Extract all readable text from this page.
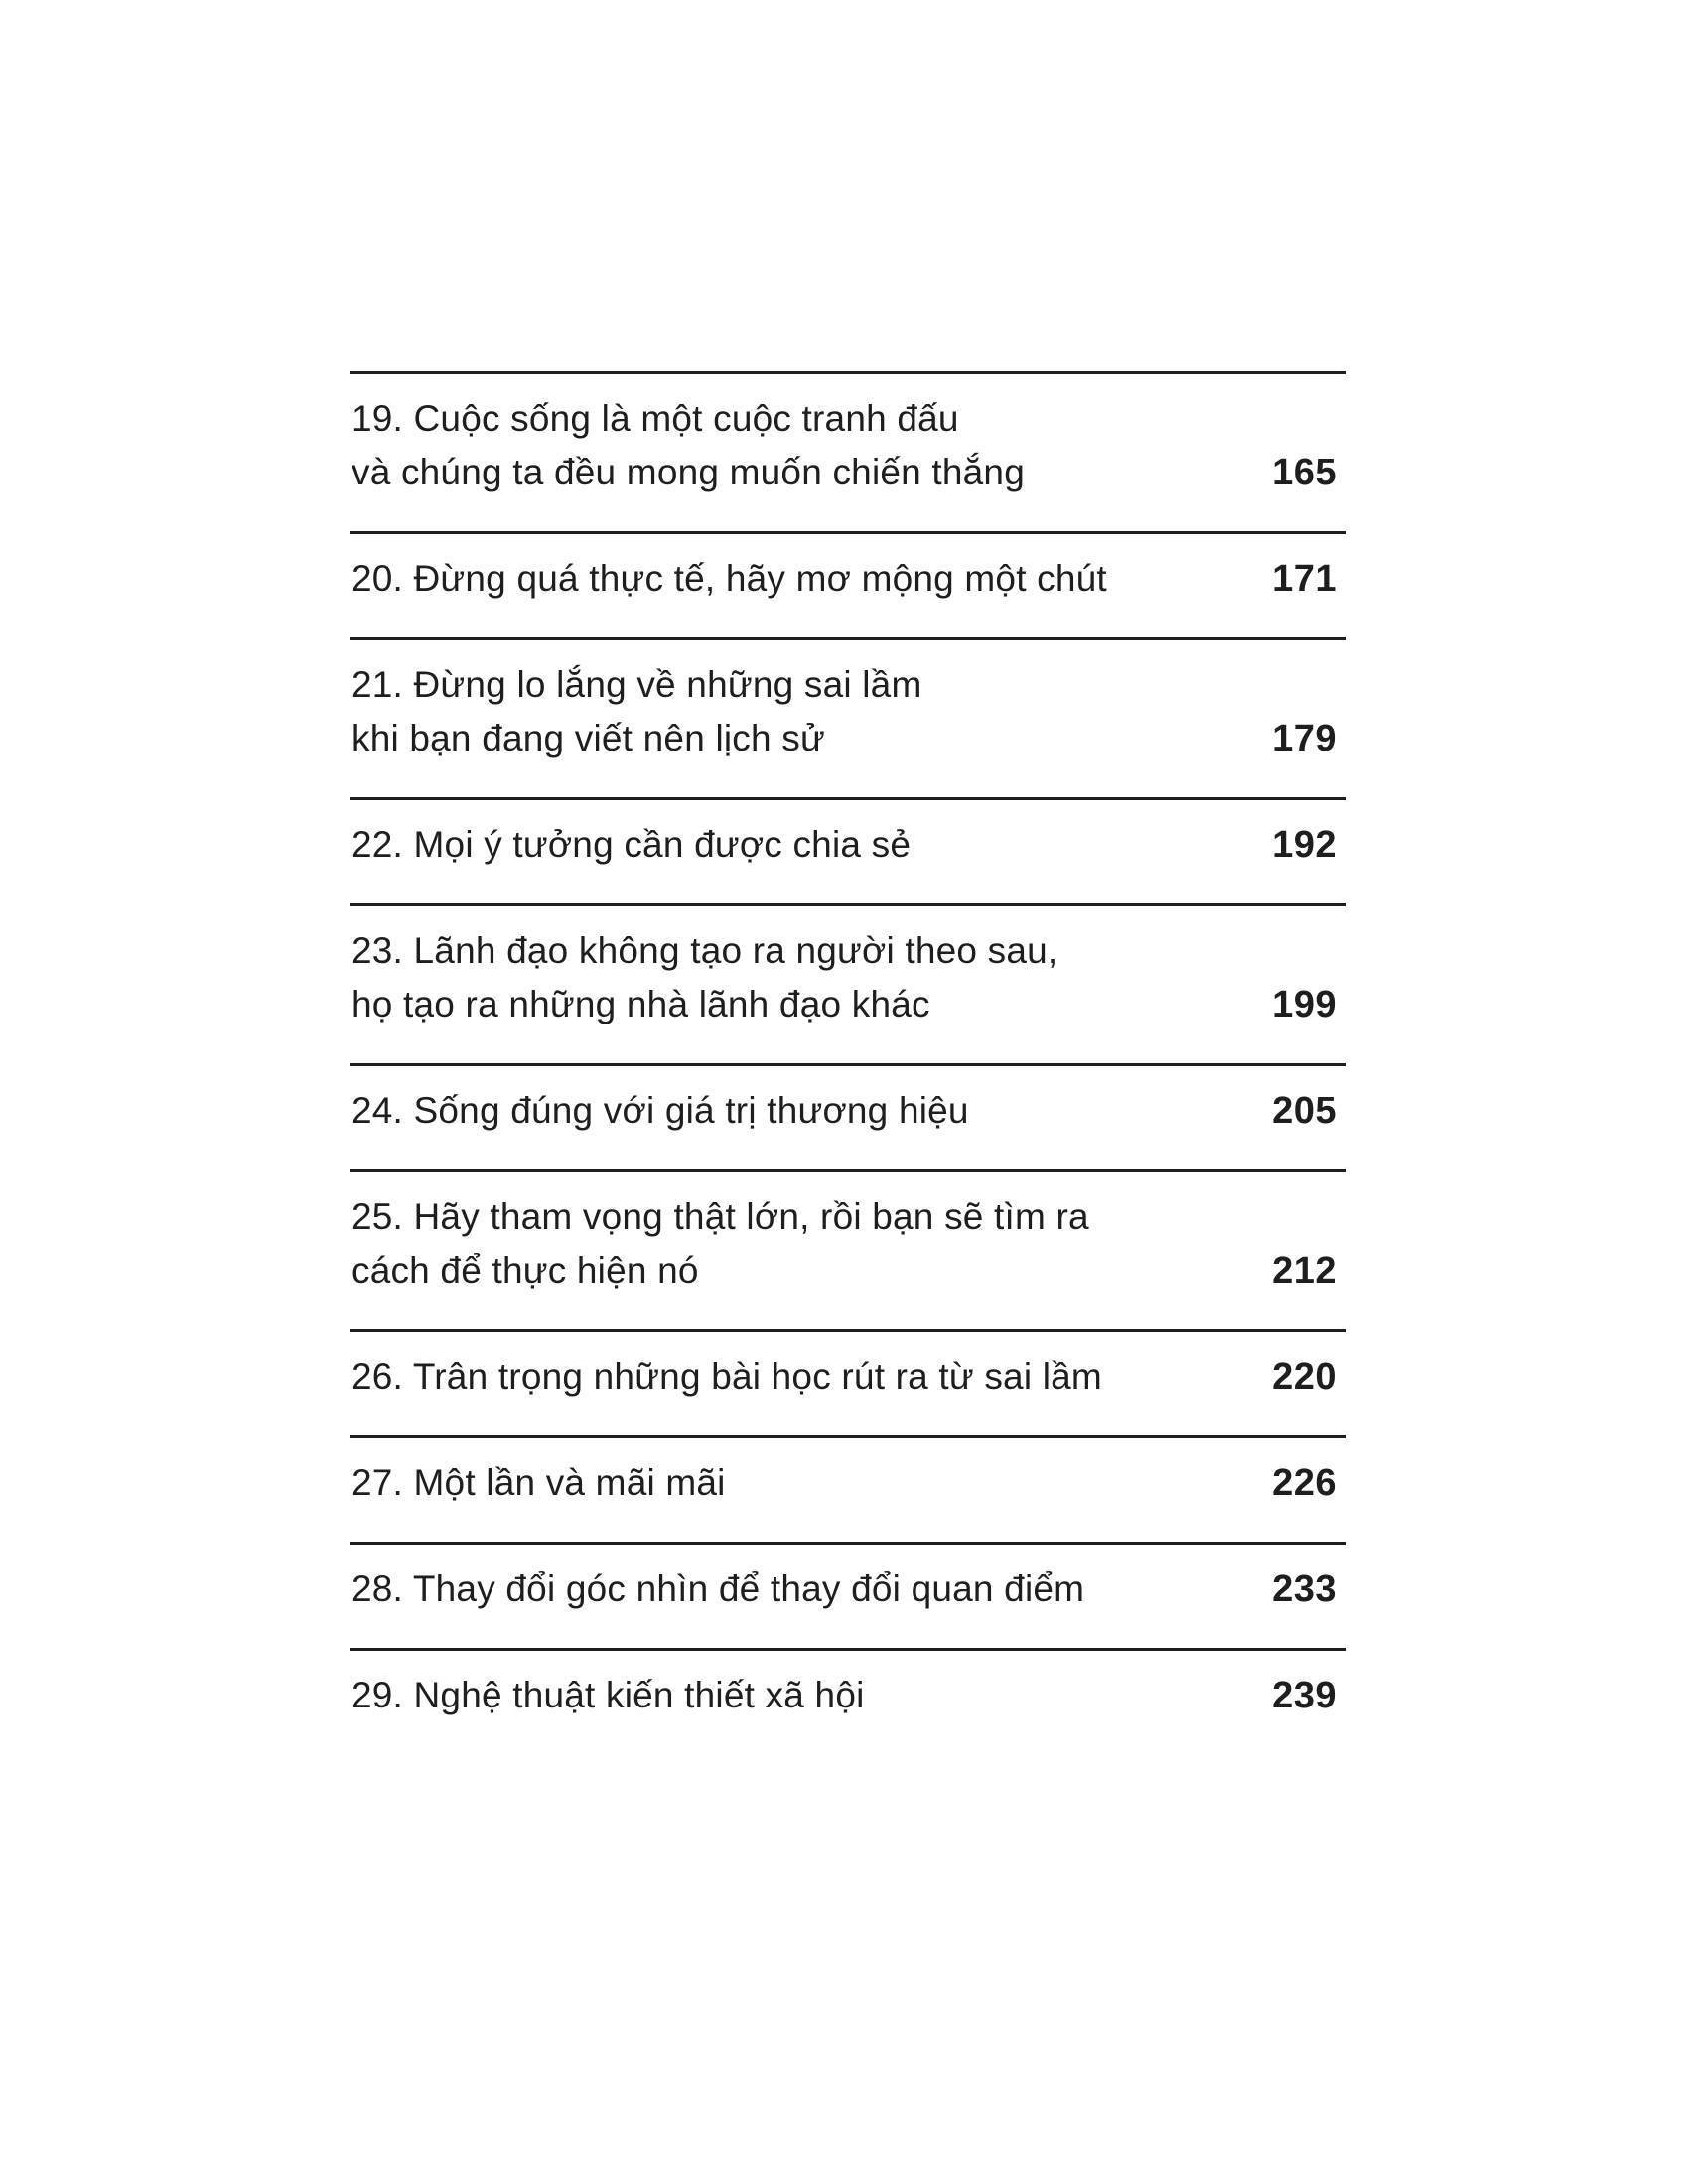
19. Cuộc sống là một cuộc tranh đấu
và chúng ta đều mong muốn chiến thắng	165
20. Đừng quá thực tế, hãy mơ mộng một chút	171
21. Đừng lo lắng về những sai lầm
khi bạn đang viết nên lịch sử	179
22. Mọi ý tưởng cần được chia sẻ	192
23. Lãnh đạo không tạo ra người theo sau,
họ tạo ra những nhà lãnh đạo khác	199
24. Sống đúng với giá trị thương hiệu	205
25. Hãy tham vọng thật lớn, rồi bạn sẽ tìm ra
cách để thực hiện nó	212
26. Trân trọng những bài học rút ra từ sai lầm	220
27. Một lần và mãi mãi	226
28. Thay đổi góc nhìn để thay đổi quan điểm	233
29. Nghệ thuật kiến thiết xã hội	239
